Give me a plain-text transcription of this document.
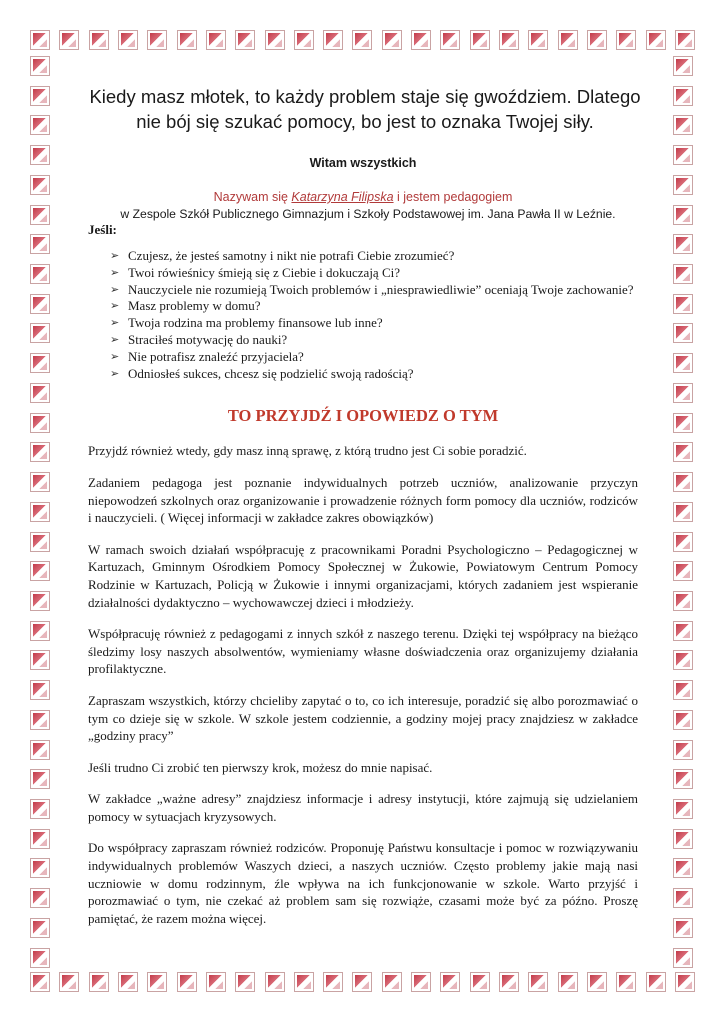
Kiedy masz młotek, to każdy problem staje się gwoździem. Dlatego nie bój się szukać pomocy, bo jest to oznaka Twojej siły.

Witam wszystkich

Nazywam się Katarzyna Filipska i jestem pedagogiem

w Zespole Szkół Publicznego Gimnazjum i Szkoły Podstawowej im. Jana Pawła II w Leźnie.

Jeśli:

➢ Czujesz, że jesteś samotny i nikt nie potrafi Ciebie zrozumieć?
➢ Twoi rówieśnicy śmieją się z Ciebie i dokuczają Ci?
➢ Nauczyciele nie rozumieją Twoich problemów i „niesprawiedliwie” oceniają Twoje zachowanie?
➢ Masz problemy w domu?
➢ Twoja rodzina ma problemy finansowe lub inne?
➢ Straciłeś motywację do nauki?
➢ Nie potrafisz znaleźć przyjaciela?
➢ Odniosłeś sukces, chcesz się podzielić swoją radością?

TO PRZYJDŹ I OPOWIEDZ O TYM

Przyjdź również wtedy, gdy masz inną sprawę, z którą trudno jest Ci sobie poradzić.

Zadaniem pedagoga jest poznanie indywidualnych potrzeb uczniów, analizowanie przyczyn niepowodzeń szkolnych oraz organizowanie i prowadzenie różnych form pomocy dla uczniów, rodziców i nauczycieli. ( Więcej informacji w zakładce zakres obowiązków)

W ramach swoich działań współpracuję z pracownikami Poradni Psychologiczno – Pedagogicznej w Kartuzach, Gminnym Ośrodkiem Pomocy Społecznej w Żukowie, Powiatowym Centrum Pomocy Rodzinie w Kartuzach, Policją w Żukowie i innymi organizacjami, których zadaniem jest wspieranie działalności dydaktyczno – wychowawczej dzieci i młodzieży.

Współpracuję również z pedagogami z innych szkół z naszego terenu. Dzięki tej współpracy na bieżąco śledzimy losy naszych absolwentów, wymieniamy własne doświadczenia oraz organizujemy działania profilaktyczne.

Zapraszam wszystkich, którzy chcieliby zapytać o to, co ich interesuje, poradzić się albo porozmawiać o tym co dzieje się w szkole. W szkole jestem codziennie, a godziny mojej pracy znajdziesz w zakładce „godziny pracy”

Jeśli trudno Ci zrobić ten pierwszy krok, możesz do mnie napisać.

W zakładce „ważne adresy” znajdziesz informacje i adresy instytucji, które zajmują się udzielaniem pomocy w sytuacjach kryzysowych.

Do współpracy zapraszam również rodziców. Proponuję Państwu konsultacje i pomoc w rozwiązywaniu indywidualnych problemów Waszych dzieci, a naszych uczniów. Często problemy jakie mają nasi uczniowie w domu rodzinnym, źle wpływa na ich funkcjonowanie w szkole. Warto przyjść i porozmawiać o tym, nie czekać aż problem sam się rozwiąże, czasami może być za późno. Proszę pamiętać, że razem można więcej.
